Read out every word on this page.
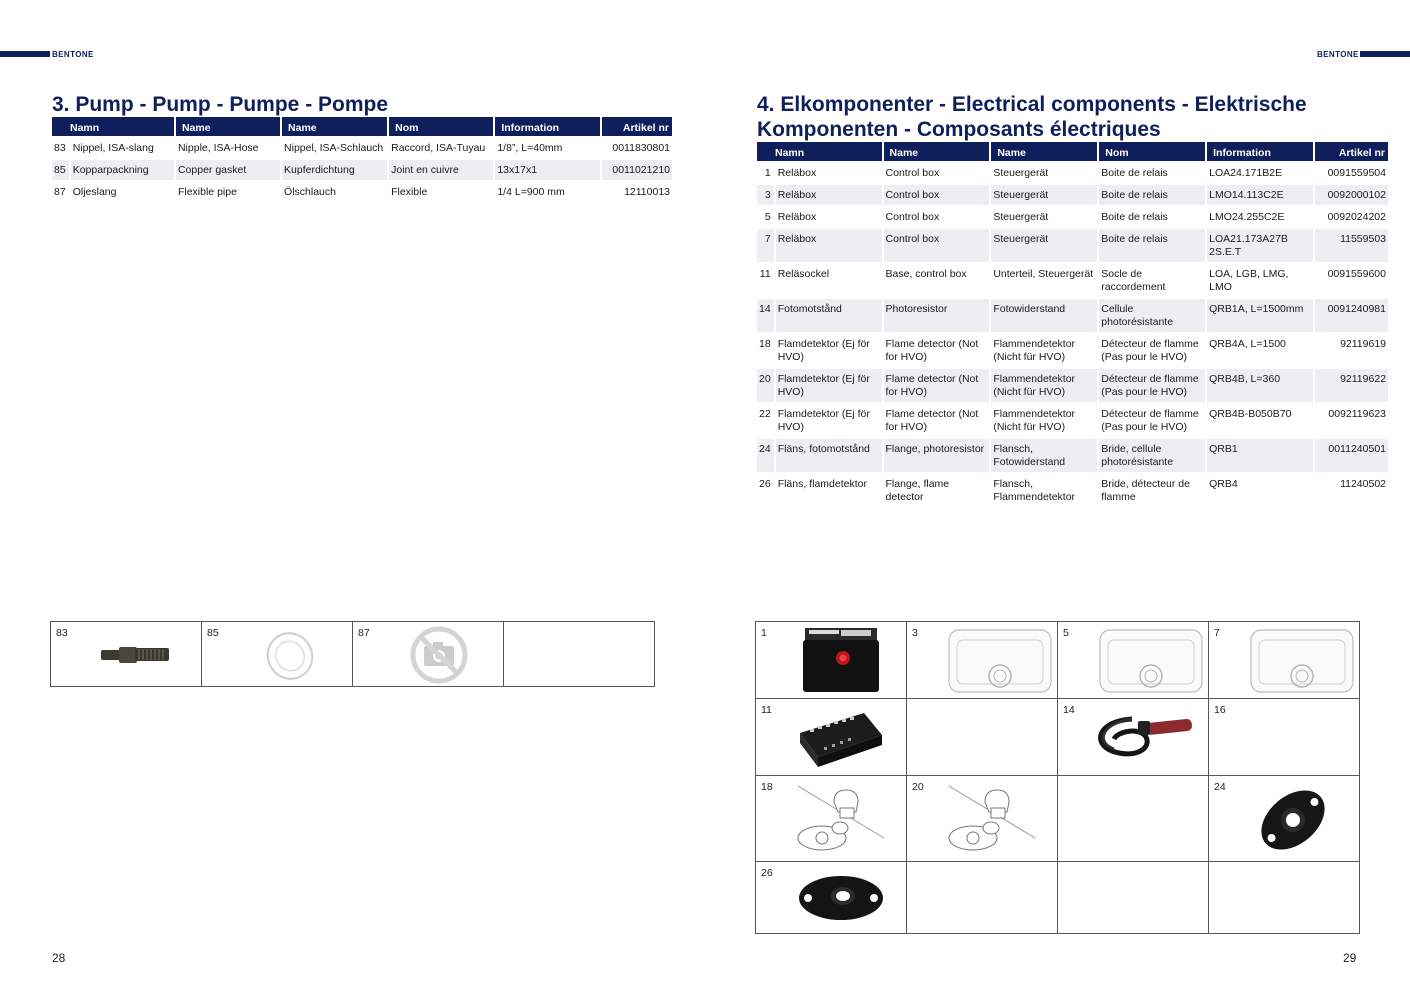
BENTONE	BENTONE
3. Pump - Pump - Pumpe - Pompe
Namn		Name	Name	Nom	Information	Artikel nr
83	Nippel, ISA-slang	Nipple, ISA-Hose	Nippel, ISA-Schlauch	Raccord, ISA-Tuyau	1/8”, L=40mm	0011830801
85	Kopparpackning	Copper gasket	Kupferdichtung	Joint en cuivre	13x17x1	0011021210
87	Oljeslang	Flexible pipe	Ölschlauch	Flexible	1/4 L=900 mm	12110013
83	85	87

28
4. Elkomponenter - Electrical components - Elektrische
Komponenten - Composants électriques
Namn		Name	Name	Nom	Information	Artikel nr
1	Reläbox	Control box	Steuergerät	Boite de relais	LOA24.171B2E	0091559504
3	Reläbox	Control box	Steuergerät	Boite de relais	LMO14.113C2E	0092000102
5	Reläbox	Control box	Steuergerät	Boite de relais	LMO24.255C2E	0092024202
7	Reläbox	Control box	Steuergerät	Boite de relais	LOA21.173A27B 2S.E.T	11559503
11	Reläsockel	Base, control box	Unterteil, Steuergerät	Socle de raccordement	LOA, LGB, LMG, LMO	0091559600
14	Fotomotstånd	Photoresistor	Fotowiderstand	Cellule photorésistante	QRB1A, L=1500mm	0091240981
18	Flamdetektor (Ej för HVO)	Flame detector (Not for HVO)	Flammendetektor (Nicht für HVO)	Détecteur de flamme (Pas pour le HVO)	QRB4A, L=1500	92119619
20	Flamdetektor (Ej för HVO)	Flame detector (Not for HVO)	Flammendetektor (Nicht für HVO)	Détecteur de flamme (Pas pour le HVO)	QRB4B, L=360	92119622
22	Flamdetektor (Ej för HVO)	Flame detector (Not for HVO)	Flammendetektor (Nicht für HVO)	Détecteur de flamme (Pas pour le HVO)	QRB4B-B050B70	0092119623
24	Fläns, fotomotstånd	Flange, photoresistor	Flansch, Fotowiderstand	Bride, cellule photorésistante	QRB1	0011240501
26	Fläns, flamdetektor	Flange, flame detector	Flansch, Flammendetektor	Bride, détecteur de flamme	QRB4	11240502
1	3	5	7

11		14	16

18	20		24

26			

29
